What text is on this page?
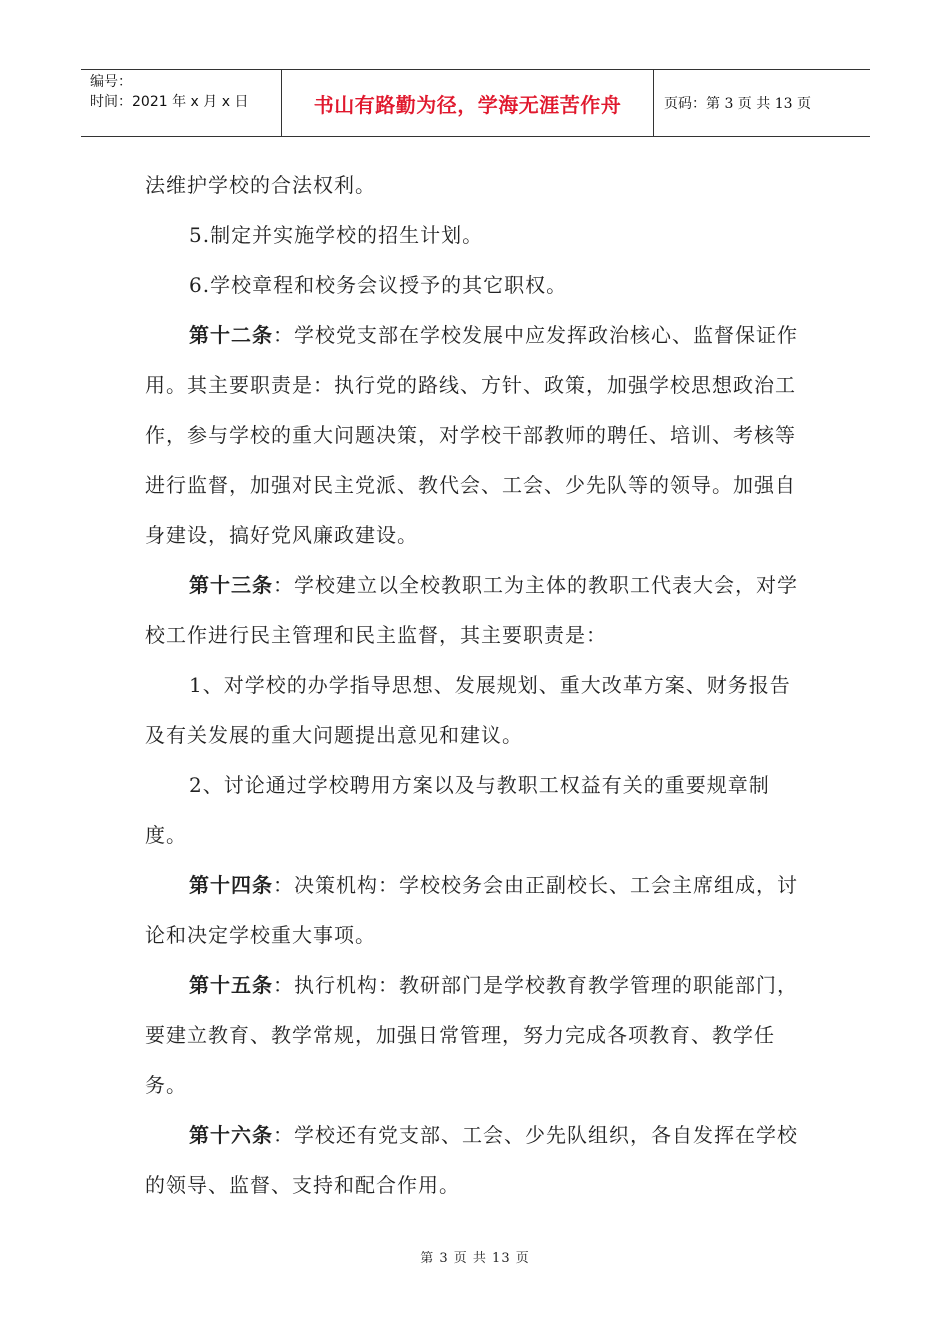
编号：
时间：2021 年 x 月 x 日	书山有路勤为径，学海无涯苦作舟	页码：第 3 页 共 13 页

法维护学校的合法权利。

5.制定并实施学校的招生计划。

6.学校章程和校务会议授予的其它职权。

第十二条：学校党支部在学校发展中应发挥政治核心、监督保证作用。其主要职责是：执行党的路线、方针、政策，加强学校思想政治工作，参与学校的重大问题决策，对学校干部教师的聘任、培训、考核等进行监督，加强对民主党派、教代会、工会、少先队等的领导。加强自身建设，搞好党风廉政建设。

第十三条：学校建立以全校教职工为主体的教职工代表大会，对学校工作进行民主管理和民主监督，其主要职责是：

1、对学校的办学指导思想、发展规划、重大改革方案、财务报告及有关发展的重大问题提出意见和建议。

2、讨论通过学校聘用方案以及与教职工权益有关的重要规章制度。

第十四条：决策机构：学校校务会由正副校长、工会主席组成，讨论和决定学校重大事项。

第十五条：执行机构：教研部门是学校教育教学管理的职能部门，要建立教育、教学常规，加强日常管理，努力完成各项教育、教学任务。

第十六条：学校还有党支部、工会、少先队组织，各自发挥在学校的领导、监督、支持和配合作用。

第 3 页 共 13 页
